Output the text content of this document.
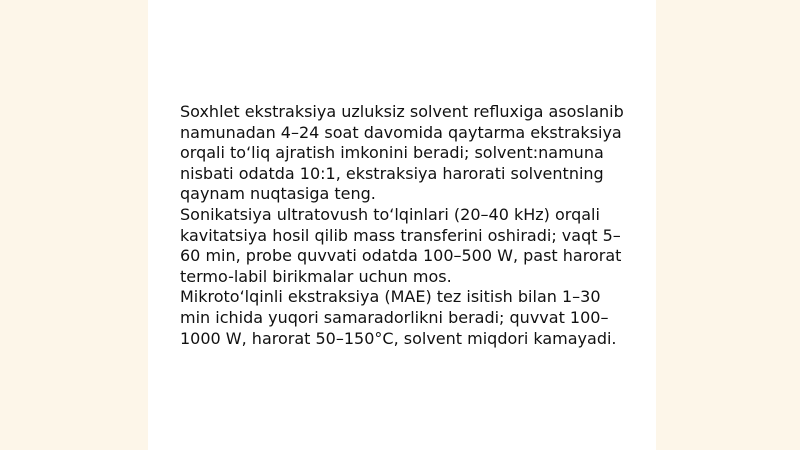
Soxhlet ekstraksiya uzluksiz solvent refluxiga asoslanib namunadan 4–24 soat davomida qaytarma ekstraksiya orqali to‘liq ajratish imkonini beradi; solvent:namuna nisbati odatda 10:1, ekstraksiya harorati solventning qaynam nuqtasiga teng.

Sonikatsiya ultratovush to‘lqinlari (20–40 kHz) orqali kavitatsiya hosil qilib mass transferini oshiradi; vaqt 5–60 min, probe quvvati odatda 100–500 W, past harorat termo-labil birikmalar uchun mos.

Mikroto‘lqinli ekstraksiya (MAE) tez isitish bilan 1–30 min ichida yuqori samaradorlikni beradi; quvvat 100–1000 W, harorat 50–150°C, solvent miqdori kamayadi.
